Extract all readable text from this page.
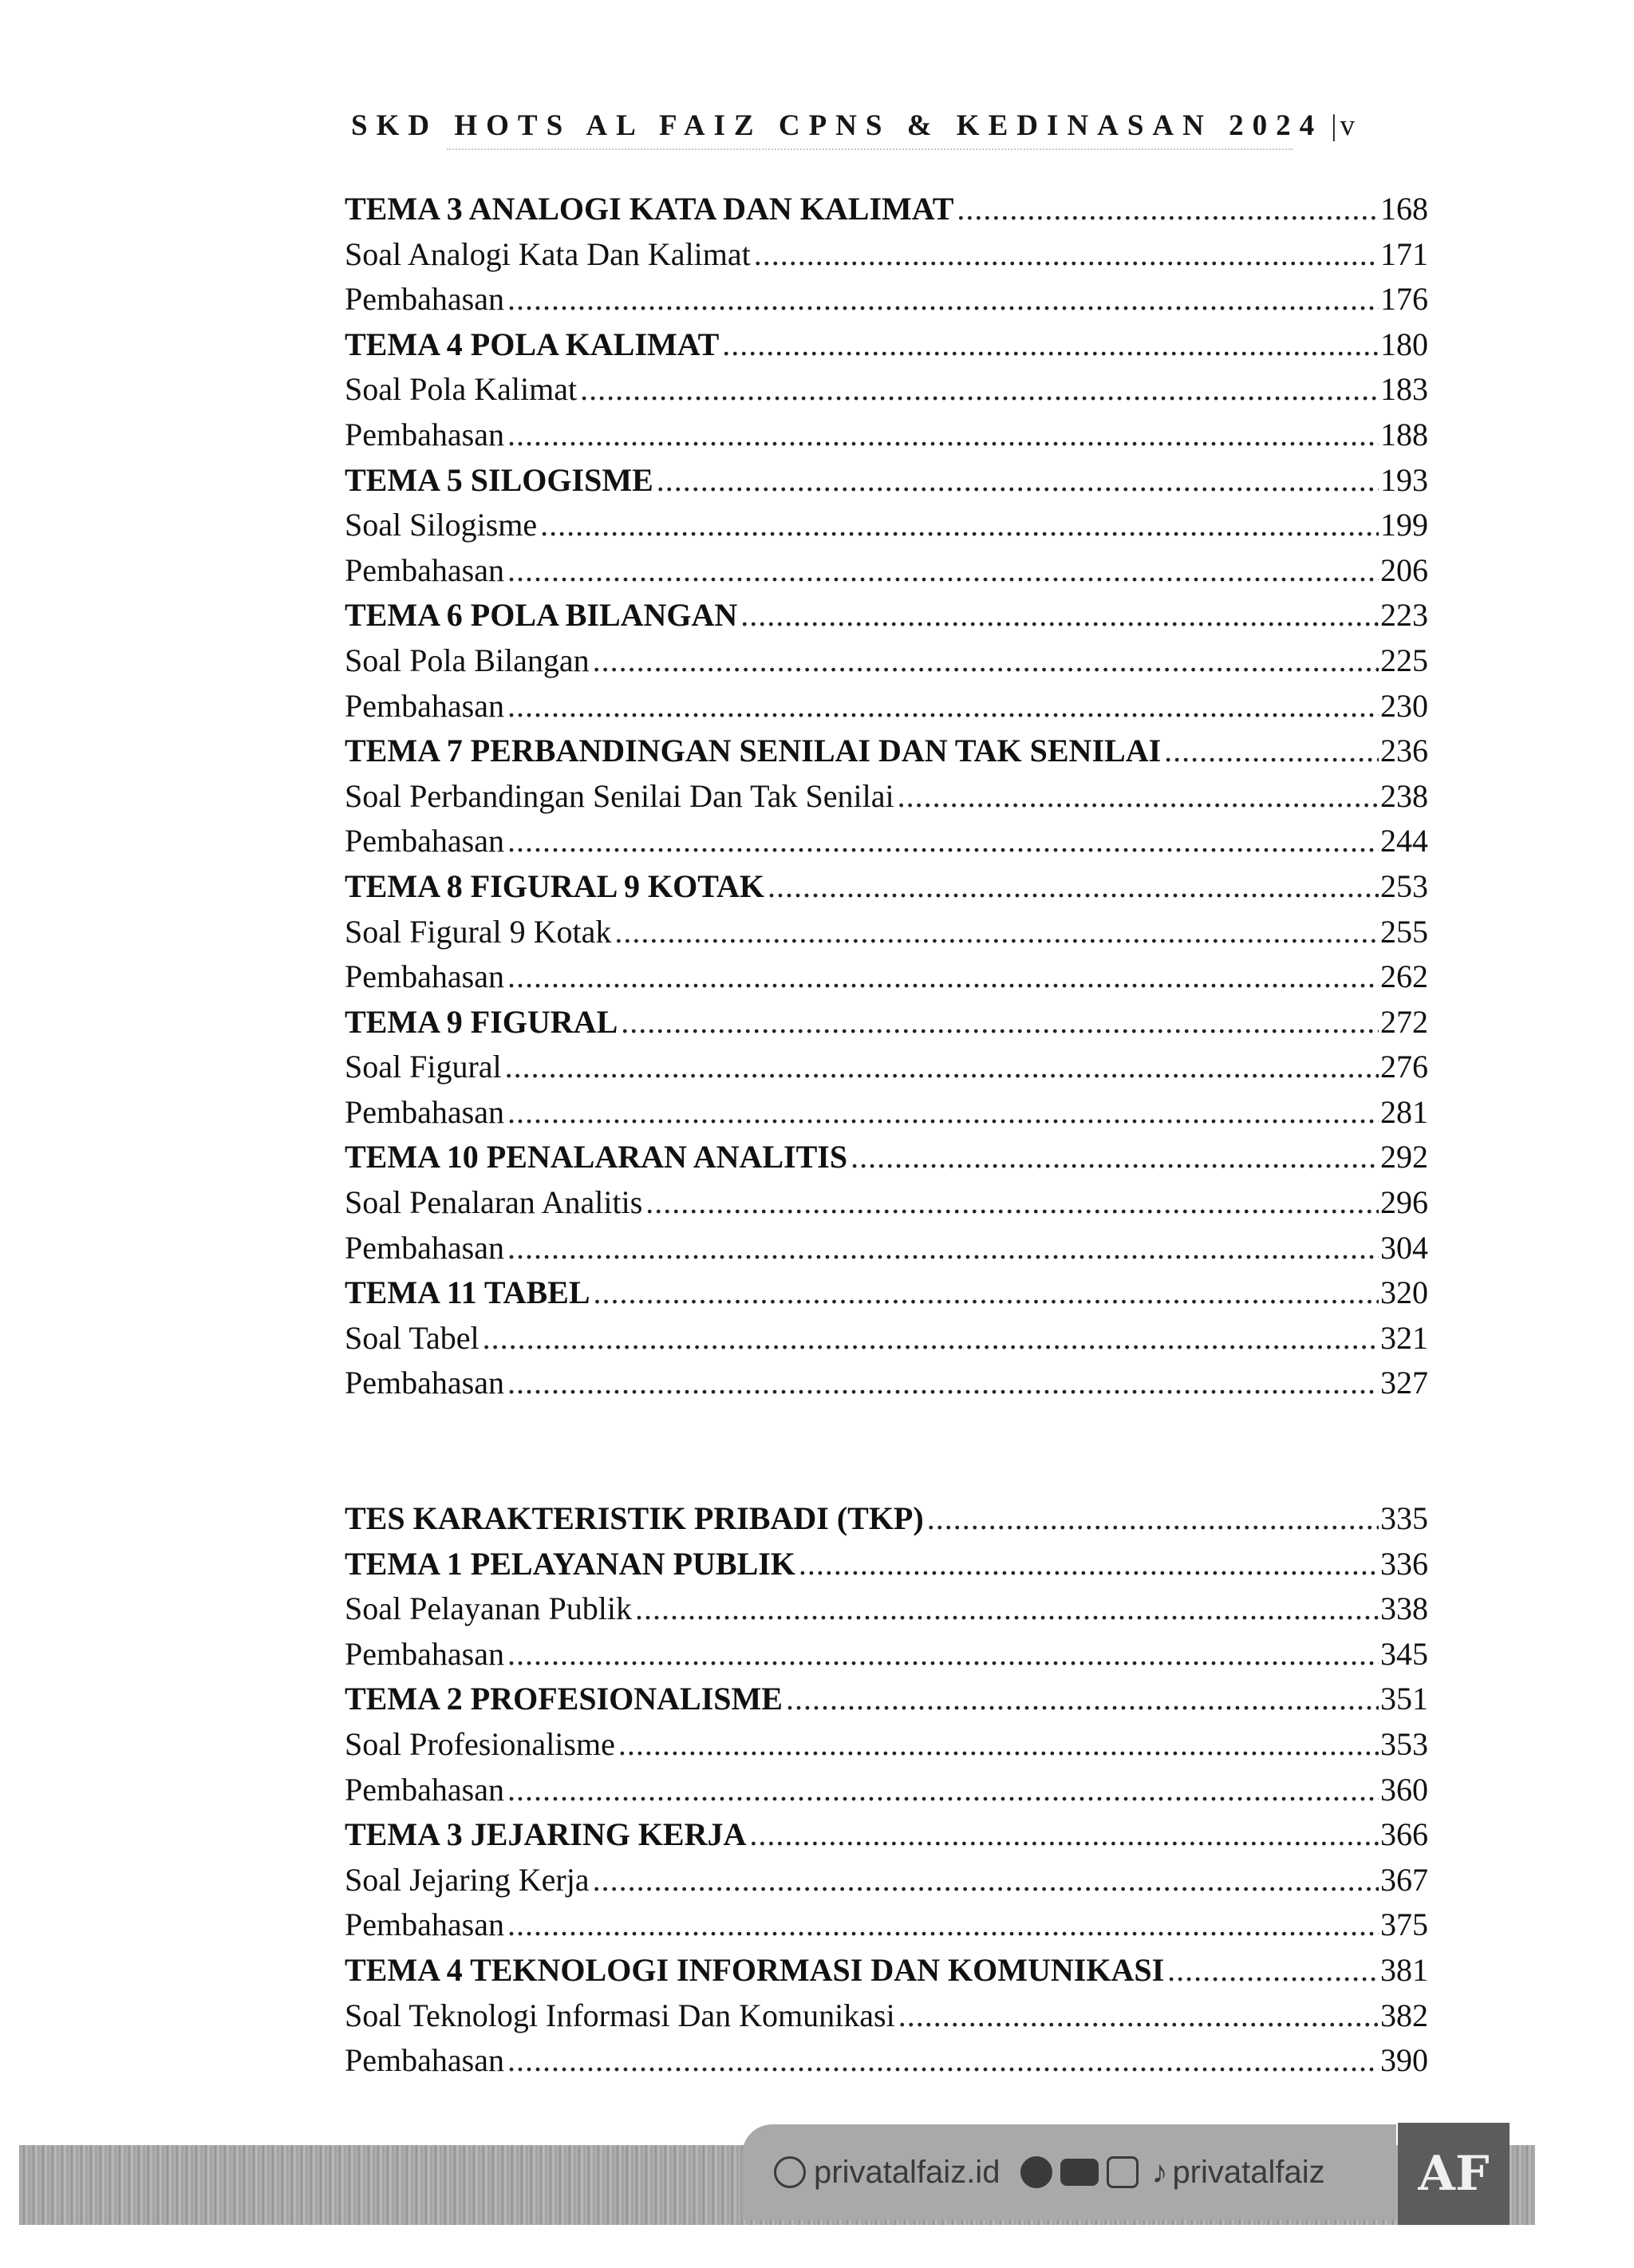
SKD HOTS AL FAIZ CPNS & KEDINASAN 2024 | v
TEMA 3 ANALOGI KATA DAN KALIMAT .....	168
Soal Analogi Kata Dan Kalimat .....	171
Pembahasan .....	176
TEMA 4 POLA KALIMAT .....	180
Soal Pola Kalimat .....	183
Pembahasan .....	188
TEMA 5 SILOGISME .....	193
Soal Silogisme .....	199
Pembahasan .....	206
TEMA 6 POLA BILANGAN .....	223
Soal Pola Bilangan .....	225
Pembahasan .....	230
TEMA 7 PERBANDINGAN SENILAI DAN TAK SENILAI .....	236
Soal Perbandingan Senilai Dan Tak Senilai .....	238
Pembahasan .....	244
TEMA 8 FIGURAL 9 KOTAK .....	253
Soal Figural 9 Kotak .....	255
Pembahasan .....	262
TEMA 9 FIGURAL .....	272
Soal Figural .....	276
Pembahasan .....	281
TEMA 10 PENALARAN ANALITIS .....	292
Soal Penalaran Analitis .....	296
Pembahasan .....	304
TEMA 11 TABEL .....	320
Soal Tabel .....	321
Pembahasan .....	327
TES KARAKTERISTIK PRIBADI (TKP) .....	335
TEMA 1 PELAYANAN PUBLIK .....	336
Soal Pelayanan Publik .....	338
Pembahasan .....	345
TEMA 2 PROFESIONALISME .....	351
Soal Profesionalisme .....	353
Pembahasan .....	360
TEMA 3 JEJARING KERJA .....	366
Soal Jejaring Kerja .....	367
Pembahasan .....	375
TEMA 4 TEKNOLOGI INFORMASI DAN KOMUNIKASI .....	381
Soal Teknologi Informasi Dan Komunikasi .....	382
Pembahasan .....	390
privatalfaiz.id	♪ privatalfaiz AF
